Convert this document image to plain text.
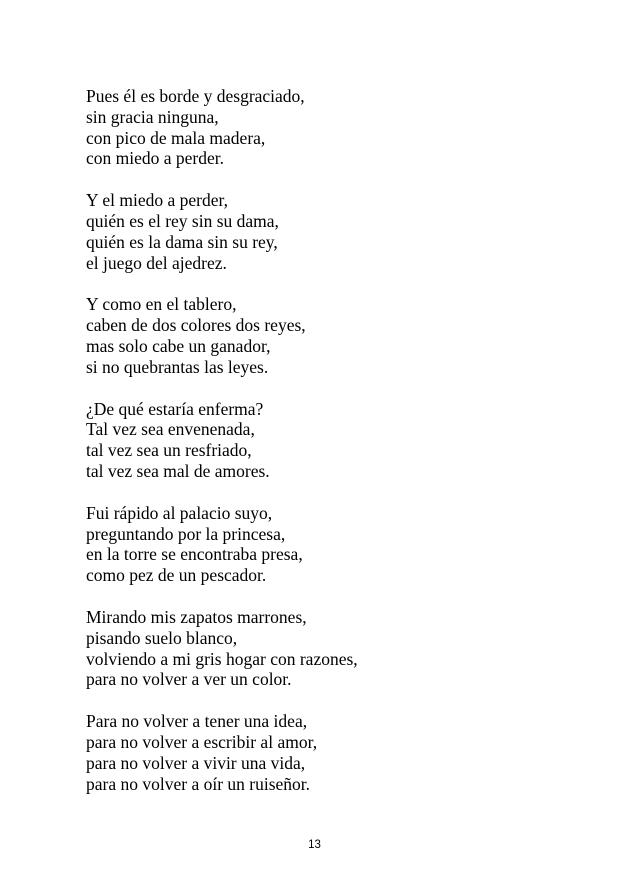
Pues él es borde y desgraciado,
sin gracia ninguna,
con pico de mala madera,
con miedo a perder.
Y el miedo a perder,
quién es el rey sin su dama,
quién es la dama sin su rey,
el juego del ajedrez.
Y como en el tablero,
caben de dos colores dos reyes,
mas solo cabe un ganador,
si no quebrantas las leyes.
¿De qué estaría enferma?
Tal vez sea envenenada,
tal vez sea un resfriado,
tal vez sea mal de amores.
Fui rápido al palacio suyo,
preguntando por la princesa,
en la torre se encontraba presa,
como pez de un pescador.
Mirando mis zapatos marrones,
pisando suelo blanco,
volviendo a mi gris hogar con razones,
para no volver a ver un color.
Para no volver a tener una idea,
para no volver a escribir al amor,
para no volver a vivir una vida,
para no volver a oír un ruiseñor.
13
